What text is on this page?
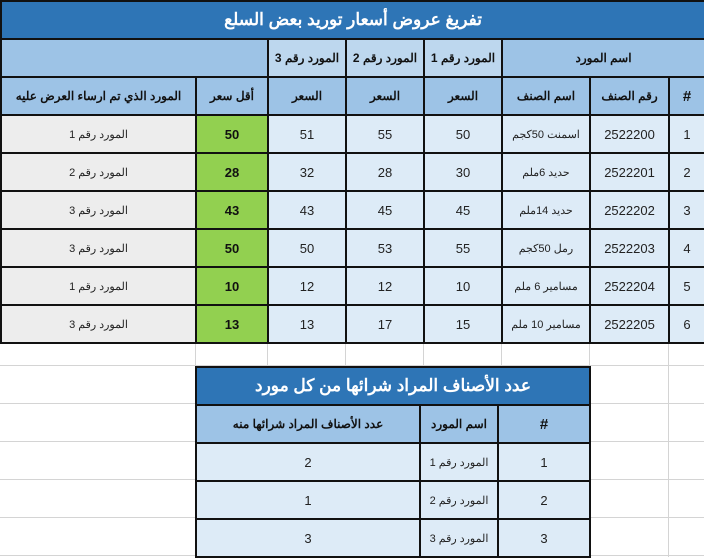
تفريغ عروض أسعار توريد بعض السلع							
		المورد رقم 3	المورد رقم 2	المورد رقم 1	اسم المورد		
المورد الذي تم ارساء العرض عليه	أقل سعر	السعر	السعر	السعر	اسم الصنف	رقم الصنف	#
المورد رقم 1	50	51	55	50	اسمنت 50كجم	2522200	1
المورد رقم 2	28	32	28	30	حديد 6ملم	2522201	2
المورد رقم 3	43	43	45	45	حديد 14ملم	2522202	3
المورد رقم 3	50	50	53	55	رمل 50كجم	2522203	4
المورد رقم 1	10	12	12	10	مسامير 6 ملم	2522204	5
المورد رقم 3	13	13	17	15	مسامير 10 ملم	2522205	6
عدد الأصناف المراد شرائها من كل مورد		
عدد الأصناف المراد شرائها منه	اسم المورد	#
2	المورد رقم 1	1
1	المورد رقم 2	2
3	المورد رقم 3	3
